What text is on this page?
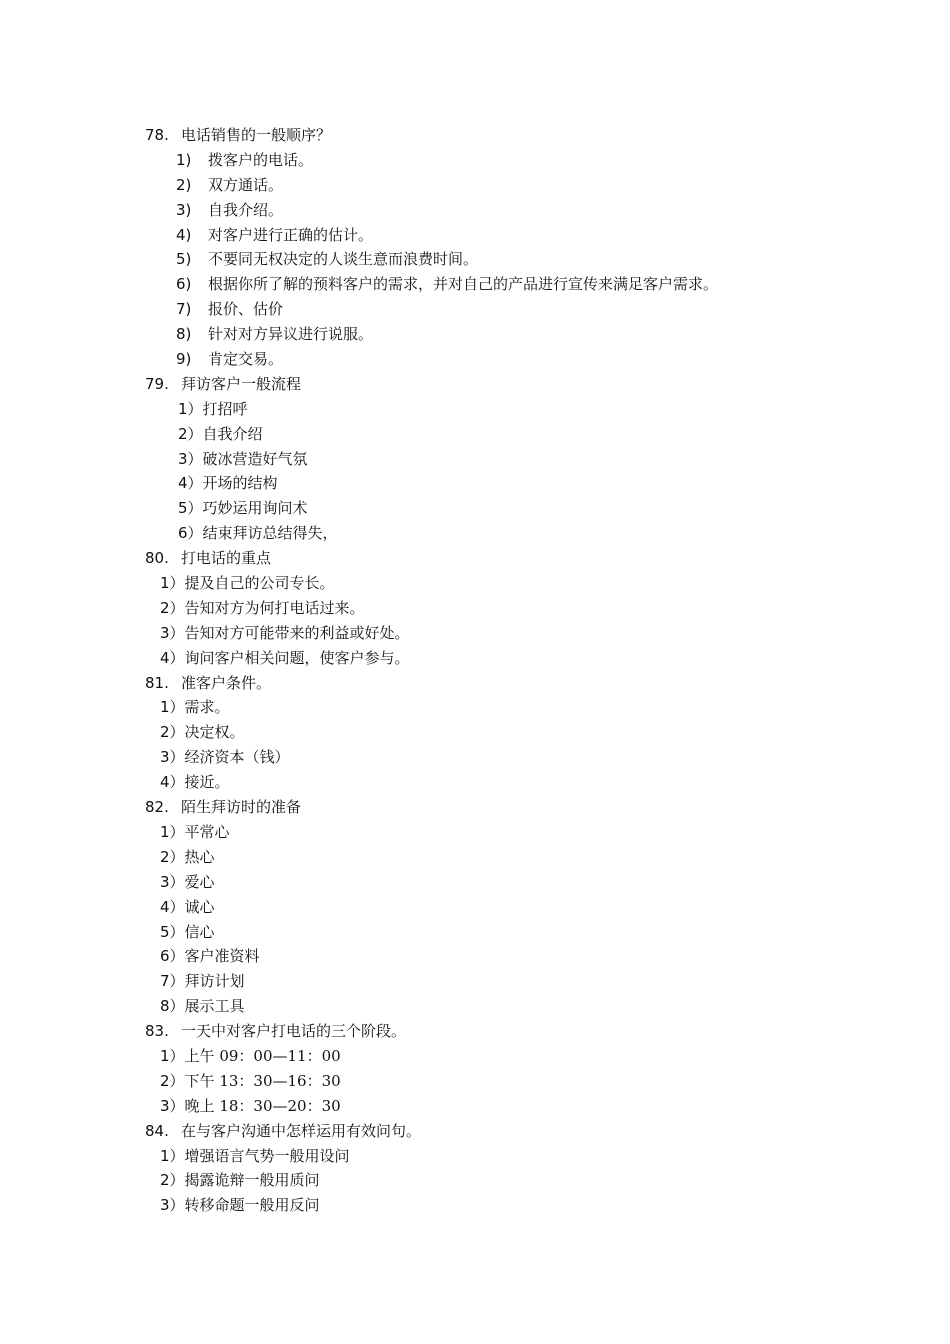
78. 电话销售的一般顺序？
1) 拨客户的电话。
2) 双方通话。
3) 自我介绍。
4) 对客户进行正确的估计。
5) 不要同无权决定的人谈生意而浪费时间。
6) 根据你所了解的预料客户的需求，并对自己的产品进行宣传来满足客户需求。
7) 报价、估价
8) 针对对方异议进行说服。
9) 肯定交易。
79. 拜访客户一般流程
1）打招呼
2）自我介绍
3）破冰营造好气氛
4）开场的结构
5）巧妙运用询问术
6）结束拜访总结得失，
80. 打电话的重点
1）提及自己的公司专长。
2）告知对方为何打电话过来。
3）告知对方可能带来的利益或好处。
4）询问客户相关问题，使客户参与。
81. 准客户条件。
1）需求。
2）决定权。
3）经济资本（钱）
4）接近。
82. 陌生拜访时的准备
1）平常心
2）热心
3）爱心
4）诚心
5）信心
6）客户准资料
7）拜访计划
8）展示工具
83. 一天中对客户打电话的三个阶段。
1）上午 09：00—11：00
2）下午 13：30—16：30
3）晚上 18：30—20：30
84. 在与客户沟通中怎样运用有效问句。
1）增强语言气势一般用设问
2）揭露诡辩一般用质问
3）转移命题一般用反问
